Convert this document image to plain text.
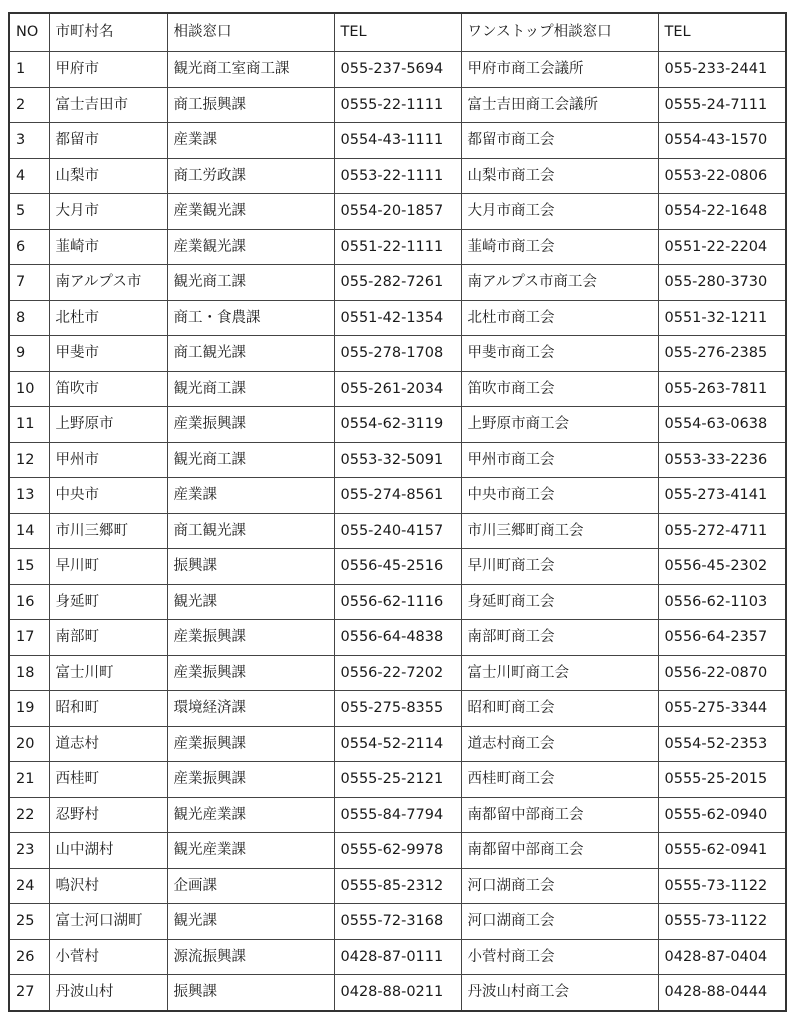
NO	市町村名	相談窓口	TEL	ワンストップ相談窓口	TEL
1	甲府市	観光商工室商工課	055-237-5694	甲府市商工会議所	055-233-2441
2	富士吉田市	商工振興課	0555-22-1111	富士吉田商工会議所	0555-24-7111
3	都留市	産業課	0554-43-1111	都留市商工会	0554-43-1570
4	山梨市	商工労政課	0553-22-1111	山梨市商工会	0553-22-0806
5	大月市	産業観光課	0554-20-1857	大月市商工会	0554-22-1648
6	韮崎市	産業観光課	0551-22-1111	韮崎市商工会	0551-22-2204
7	南アルプス市	観光商工課	055-282-7261	南アルプス市商工会	055-280-3730
8	北杜市	商工・食農課	0551-42-1354	北杜市商工会	0551-32-1211
9	甲斐市	商工観光課	055-278-1708	甲斐市商工会	055-276-2385
10	笛吹市	観光商工課	055-261-2034	笛吹市商工会	055-263-7811
11	上野原市	産業振興課	0554-62-3119	上野原市商工会	0554-63-0638
12	甲州市	観光商工課	0553-32-5091	甲州市商工会	0553-33-2236
13	中央市	産業課	055-274-8561	中央市商工会	055-273-4141
14	市川三郷町	商工観光課	055-240-4157	市川三郷町商工会	055-272-4711
15	早川町	振興課	0556-45-2516	早川町商工会	0556-45-2302
16	身延町	観光課	0556-62-1116	身延町商工会	0556-62-1103
17	南部町	産業振興課	0556-64-4838	南部町商工会	0556-64-2357
18	富士川町	産業振興課	0556-22-7202	富士川町商工会	0556-22-0870
19	昭和町	環境経済課	055-275-8355	昭和町商工会	055-275-3344
20	道志村	産業振興課	0554-52-2114	道志村商工会	0554-52-2353
21	西桂町	産業振興課	0555-25-2121	西桂町商工会	0555-25-2015
22	忍野村	観光産業課	0555-84-7794	南都留中部商工会	0555-62-0940
23	山中湖村	観光産業課	0555-62-9978	南都留中部商工会	0555-62-0941
24	鳴沢村	企画課	0555-85-2312	河口湖商工会	0555-73-1122
25	富士河口湖町	観光課	0555-72-3168	河口湖商工会	0555-73-1122
26	小菅村	源流振興課	0428-87-0111	小菅村商工会	0428-87-0404
27	丹波山村	振興課	0428-88-0211	丹波山村商工会	0428-88-0444
